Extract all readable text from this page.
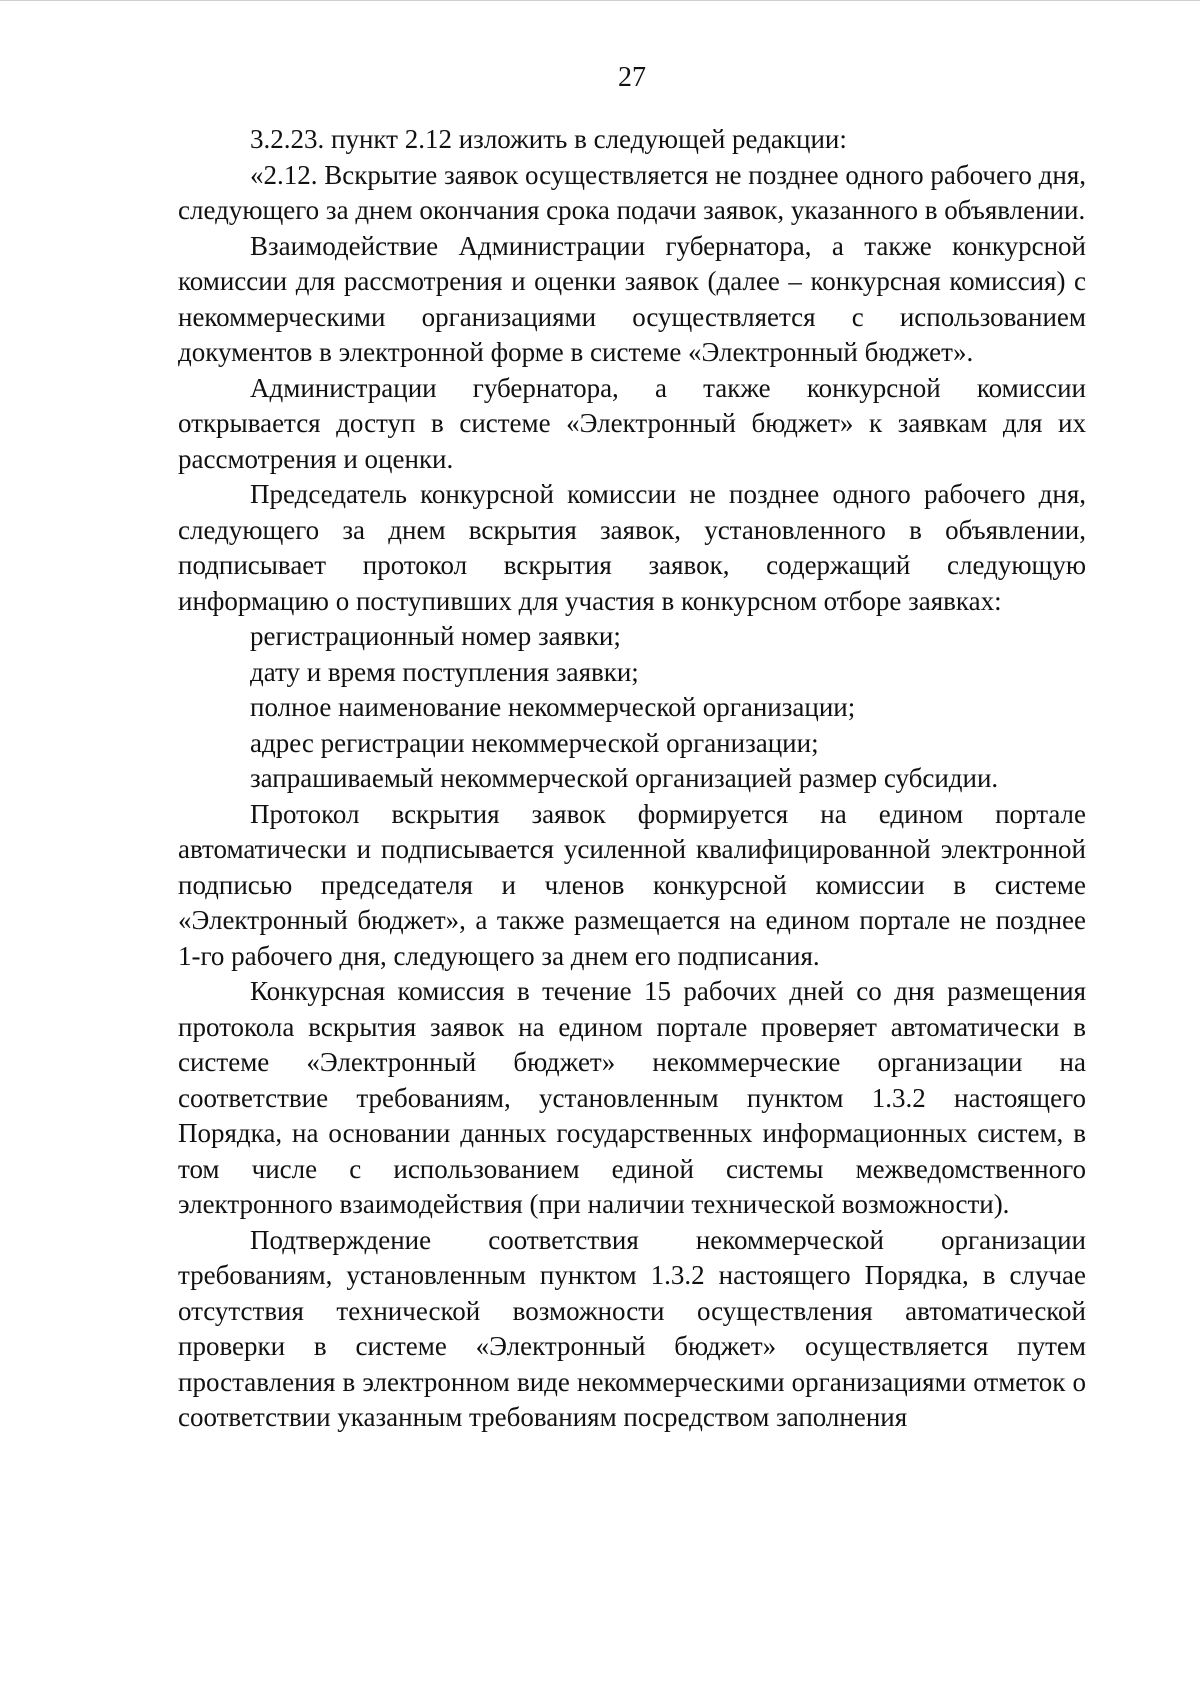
27

3.2.23. пункт 2.12 изложить в следующей редакции:

«2.12. Вскрытие заявок осуществляется не позднее одного рабочего дня, следующего за днем окончания срока подачи заявок, указанного в объявлении.

Взаимодействие Администрации губернатора, а также конкурсной комиссии для рассмотрения и оценки заявок (далее – конкурсная комиссия) с некоммерческими организациями осуществляется с использованием документов в электронной форме в системе «Электронный бюджет».

Администрации губернатора, а также конкурсной комиссии открывается доступ в системе «Электронный бюджет» к заявкам для их рассмотрения и оценки.

Председатель конкурсной комиссии не позднее одного рабочего дня, следующего за днем вскрытия заявок, установленного в объявлении, подписывает протокол вскрытия заявок, содержащий следующую информацию о поступивших для участия в конкурсном отборе заявках:

регистрационный номер заявки;

дату и время поступления заявки;

полное наименование некоммерческой организации;

адрес регистрации некоммерческой организации;

запрашиваемый некоммерческой организацией размер субсидии.

Протокол вскрытия заявок формируется на едином портале автоматически и подписывается усиленной квалифицированной электронной подписью председателя и членов конкурсной комиссии в системе «Электронный бюджет», а также размещается на едином портале не позднее 1-го рабочего дня, следующего за днем его подписания.

Конкурсная комиссия в течение 15 рабочих дней со дня размещения протокола вскрытия заявок на едином портале проверяет автоматически в системе «Электронный бюджет» некоммерческие организации на соответствие требованиям, установленным пунктом 1.3.2 настоящего Порядка, на основании данных государственных информационных систем, в том числе с использованием единой системы межведомственного электронного взаимодействия (при наличии технической возможности).

Подтверждение соответствия некоммерческой организации требованиям, установленным пунктом 1.3.2 настоящего Порядка, в случае отсутствия технической возможности осуществления автоматической проверки в системе «Электронный бюджет» осуществляется путем проставления в электронном виде некоммерческими организациями отметок о соответствии указанным требованиям посредством заполнения
